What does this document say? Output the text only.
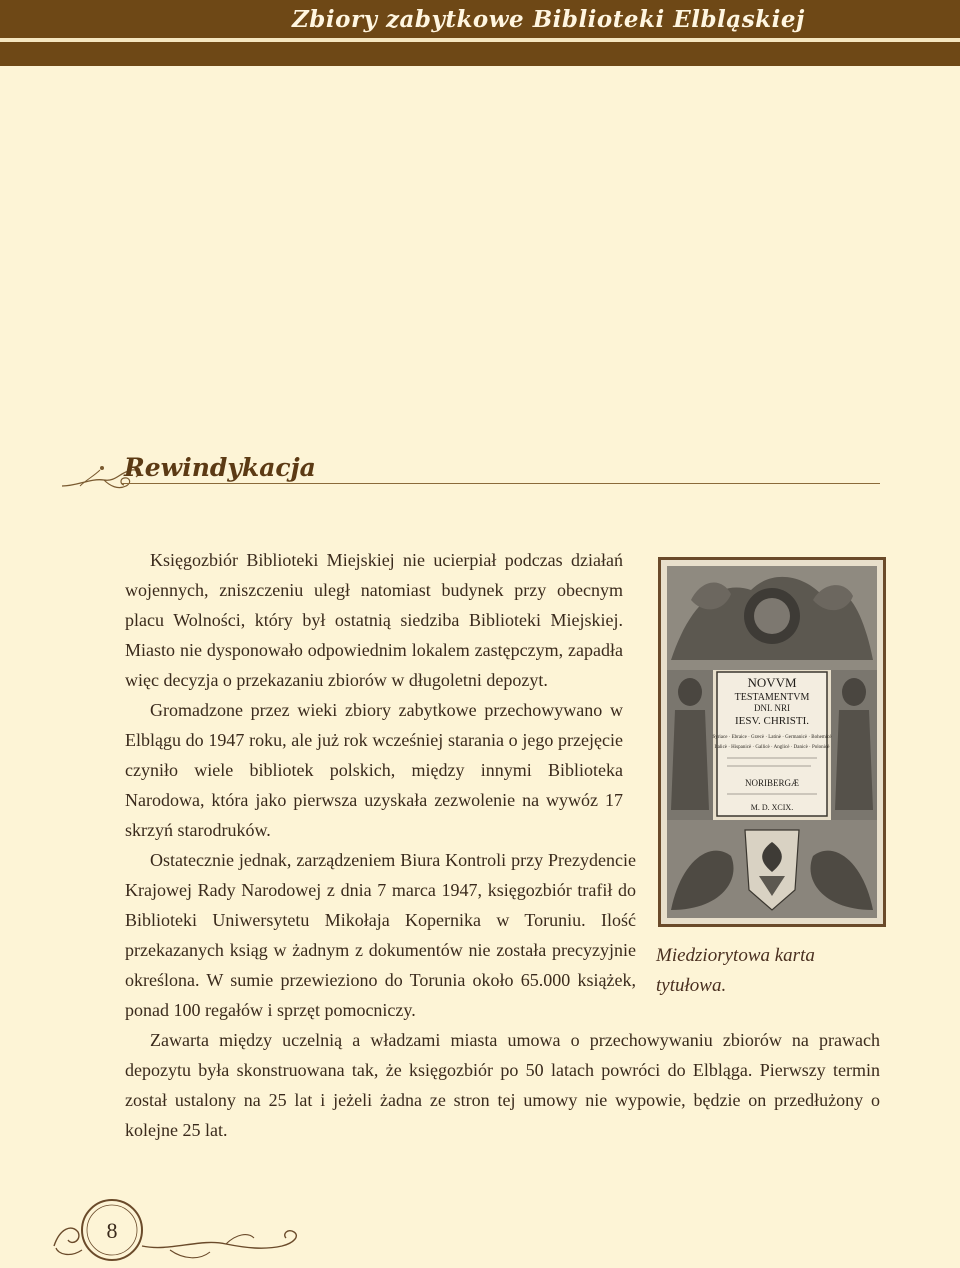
Zbiory zabytkowe Biblioteki Elbląskiej
Rewindykacja
NOVVM
TESTAMENTVM
DNI. NRI
IESV. CHRISTI.
Syriace · Ebraice · Græcè · Latinè · Germanicè · Bohemicè
Italicè · Hispanicè · Gallicè · Anglicè · Danicè · Polonicè
NORIBERGÆ
M. D. XCIX.
Miedziorytowa karta tytułowa.

Księgozbiór Biblioteki Miejskiej nie ucierpiał podczas działań wojennych, zniszczeniu uległ natomiast budynek przy obecnym placu Wolności, który był ostatnią siedziba Biblioteki Miejskiej. Miasto nie dysponowało odpowiednim lokalem zastępczym, zapadła więc decyzja o przekazaniu zbiorów w długoletni depozyt.

Gromadzone przez wieki zbiory zabytkowe przechowywano w Elblągu do 1947 roku, ale już rok wcześniej starania o jego przejęcie czyniło wiele bibliotek polskich, między innymi Biblioteka Narodowa, która jako pierwsza uzyskała zezwolenie na wywóz 17 skrzyń starodruków.

Ostatecznie jednak, zarządzeniem Biura Kontroli przy Prezydencie Krajowej Rady Narodowej z dnia 7 marca 1947, księgozbiór trafił do Biblioteki Uniwersytetu Mikołaja Kopernika w Toruniu. Ilość przekazanych ksiąg w żadnym z dokumentów nie została precyzyjnie określona. W sumie przewieziono do Torunia około 65.000 książek, ponad 100 regałów i sprzęt pomocniczy.

Zawarta między uczelnią a władzami miasta umowa o przechowywaniu zbiorów na prawach depozytu była skonstruowana tak, że księgozbiór po 50 latach powróci do Elbląga. Pierwszy termin został ustalony na 25 lat i jeżeli żadna ze stron tej umowy nie wypowie, będzie on przedłużony o kolejne 25 lat.

8
